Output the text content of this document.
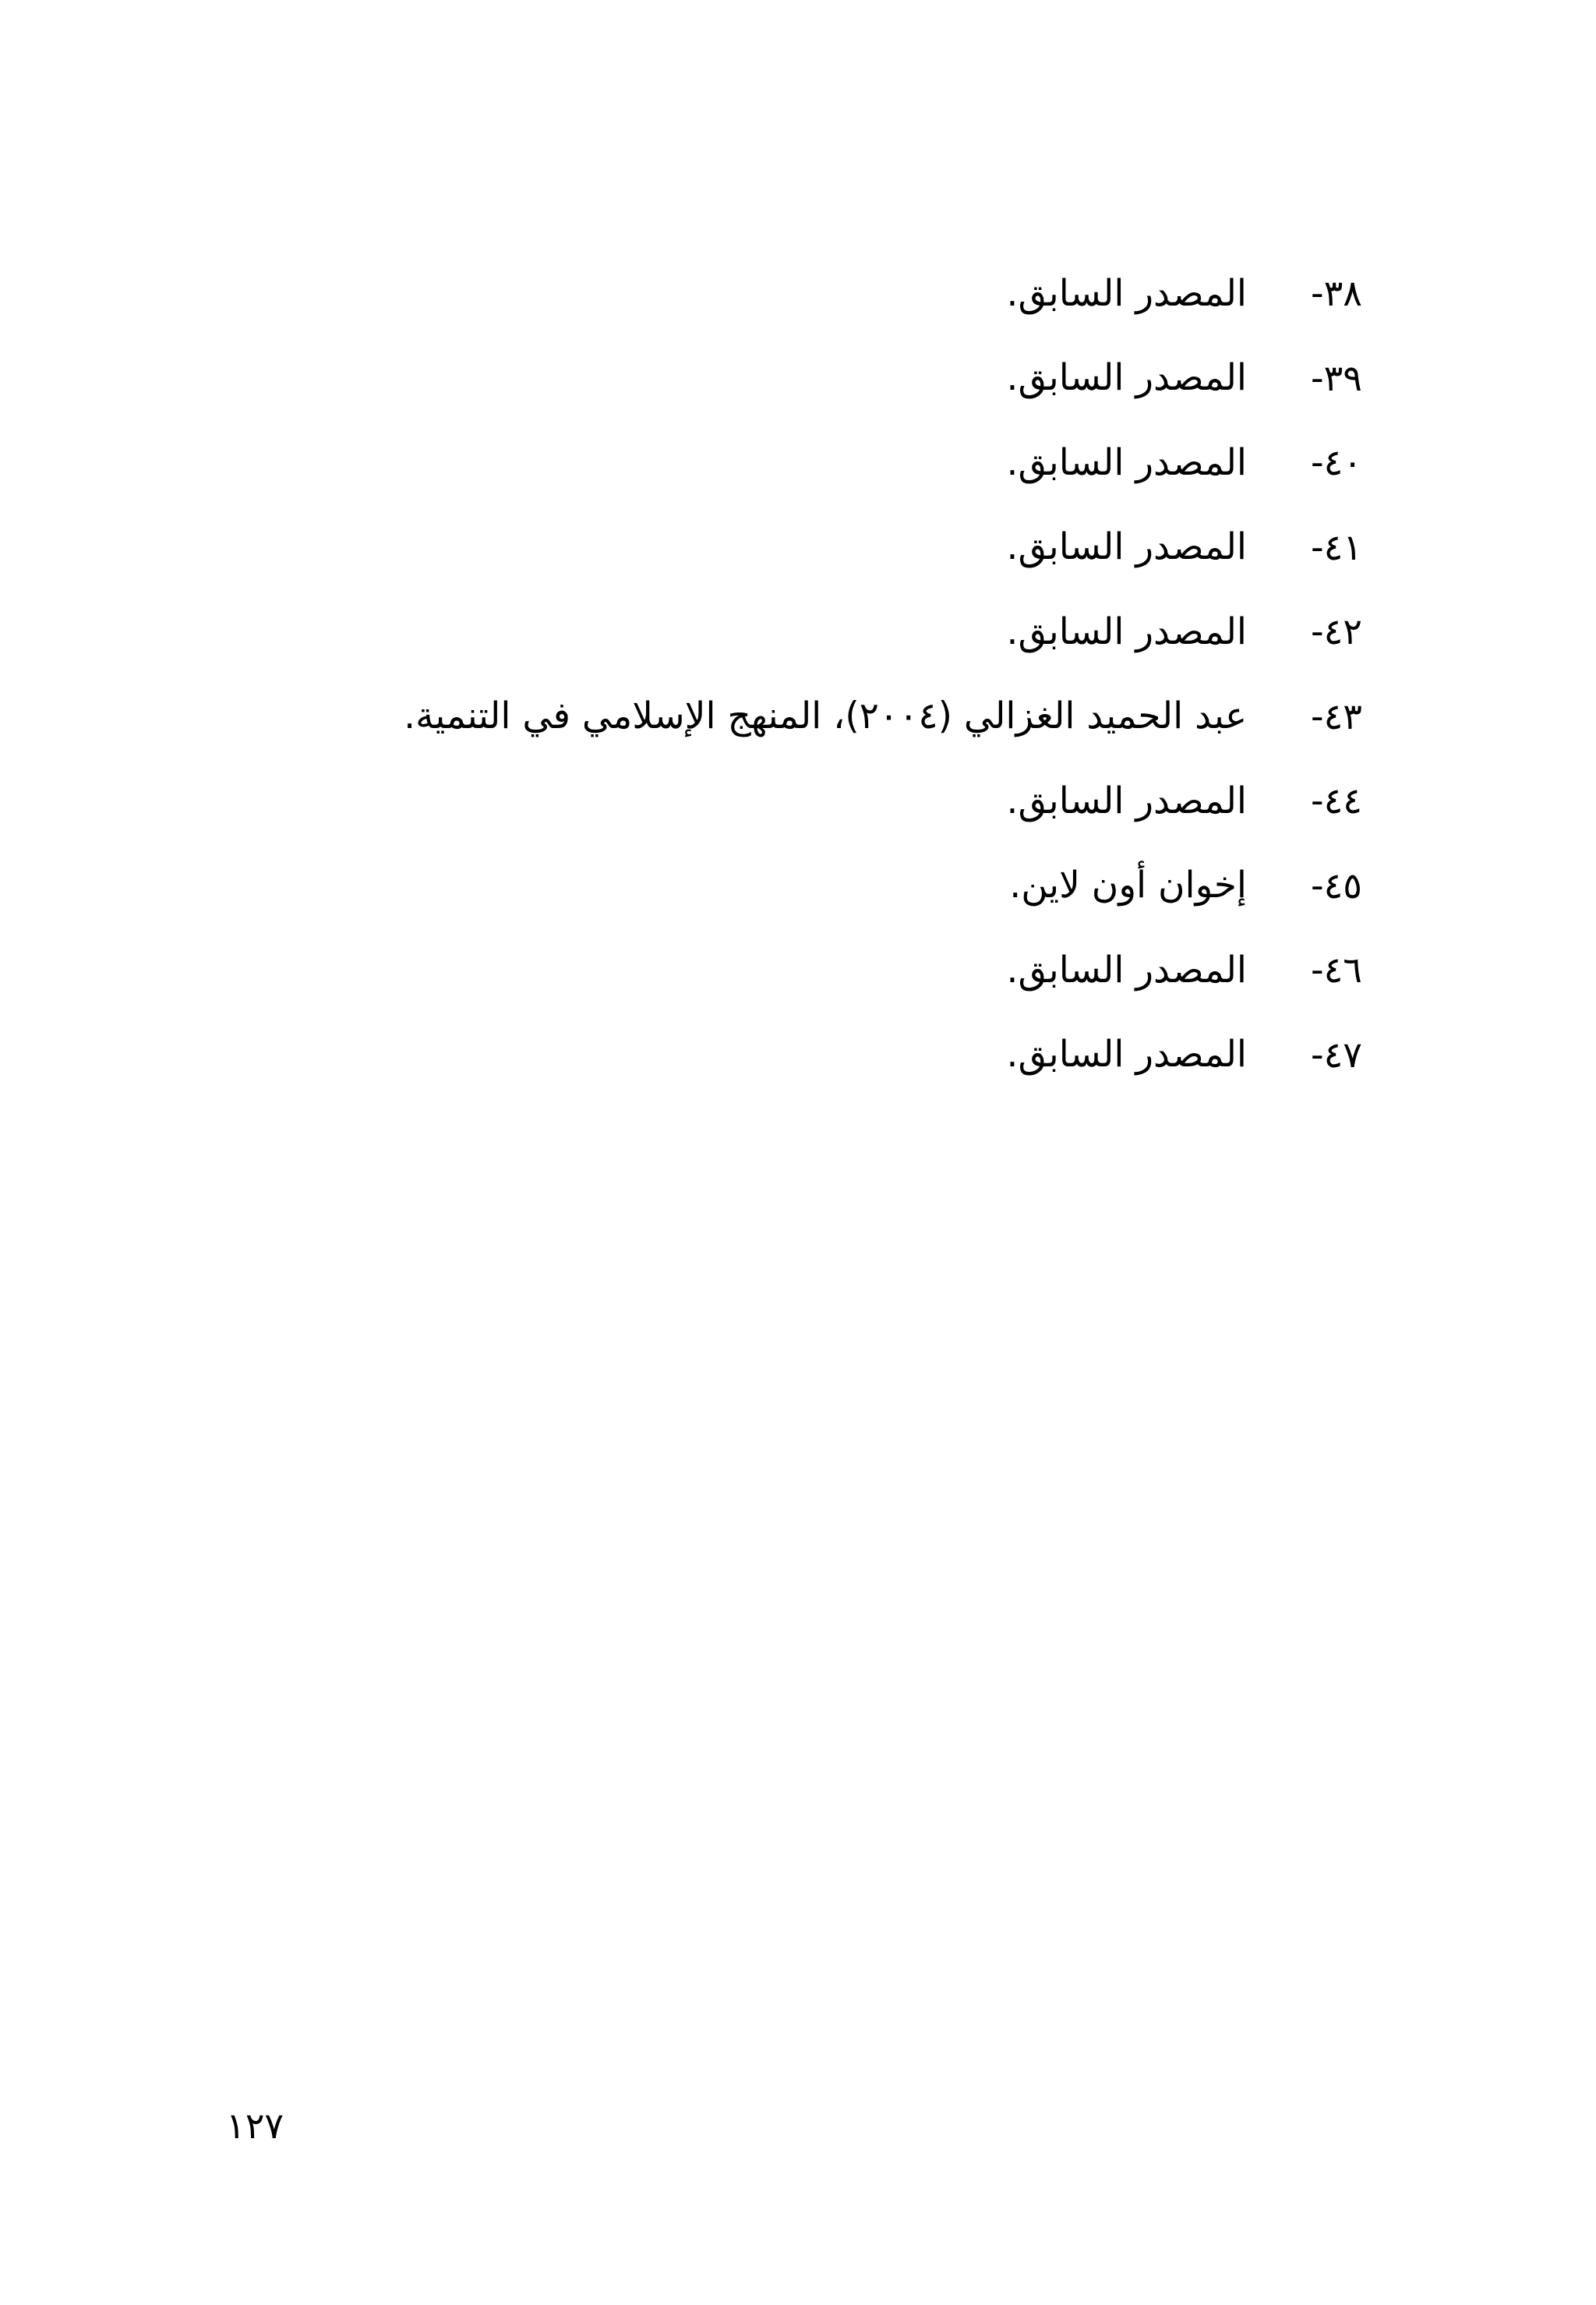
٣٨-
المصدر السابق.
٣٩-
المصدر السابق.
٤٠-
المصدر السابق.
٤١-
المصدر السابق.
٤٢-
المصدر السابق.
٤٣-
عبد الحميد الغزالي (٢٠٠٤)، المنهج الإسلامي في التنمية.
٤٤-
المصدر السابق.
٤٥-
إخوان أون لاين.
٤٦-
المصدر السابق.
٤٧-
المصدر السابق.
١٢٧
